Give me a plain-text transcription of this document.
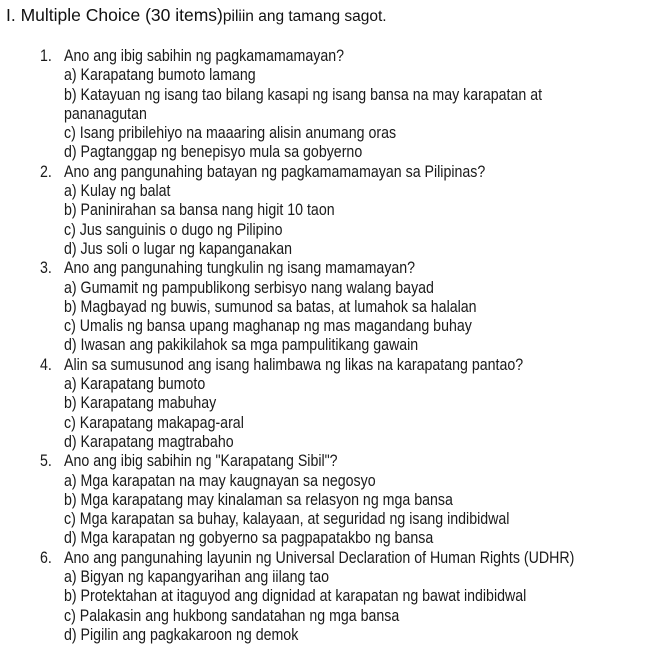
I. Multiple Choice (30 items)piliin ang tamang sagot.
1. Ano ang ibig sabihin ng pagkamamamayan?
a) Karapatang bumoto lamang
b) Katayuan ng isang tao bilang kasapi ng isang bansa na may karapatan at
pananagutan
c) Isang pribilehiyo na maaaring alisin anumang oras
d) Pagtanggap ng benepisyo mula sa gobyerno
2. Ano ang pangunahing batayan ng pagkamamamayan sa Pilipinas?
a) Kulay ng balat
b) Paninirahan sa bansa nang higit 10 taon
c) Jus sanguinis o dugo ng Pilipino
d) Jus soli o lugar ng kapanganakan
3. Ano ang pangunahing tungkulin ng isang mamamayan?
a) Gumamit ng pampublikong serbisyo nang walang bayad
b) Magbayad ng buwis, sumunod sa batas, at lumahok sa halalan
c) Umalis ng bansa upang maghanap ng mas magandang buhay
d) Iwasan ang pakikilahok sa mga pampulitikang gawain
4. Alin sa sumusunod ang isang halimbawa ng likas na karapatang pantao?
a) Karapatang bumoto
b) Karapatang mabuhay
c) Karapatang makapag-aral
d) Karapatang magtrabaho
5. Ano ang ibig sabihin ng "Karapatang Sibil"?
a) Mga karapatan na may kaugnayan sa negosyo
b) Mga karapatang may kinalaman sa relasyon ng mga bansa
c) Mga karapatan sa buhay, kalayaan, at seguridad ng isang indibidwal
d) Mga karapatan ng gobyerno sa pagpapatakbo ng bansa
6. Ano ang pangunahing layunin ng Universal Declaration of Human Rights (UDHR)
a) Bigyan ng kapangyarihan ang iilang tao
b) Protektahan at itaguyod ang dignidad at karapatan ng bawat indibidwal
c) Palakasin ang hukbong sandatahan ng mga bansa
d) Pigilin ang pagkakaroon ng demok
